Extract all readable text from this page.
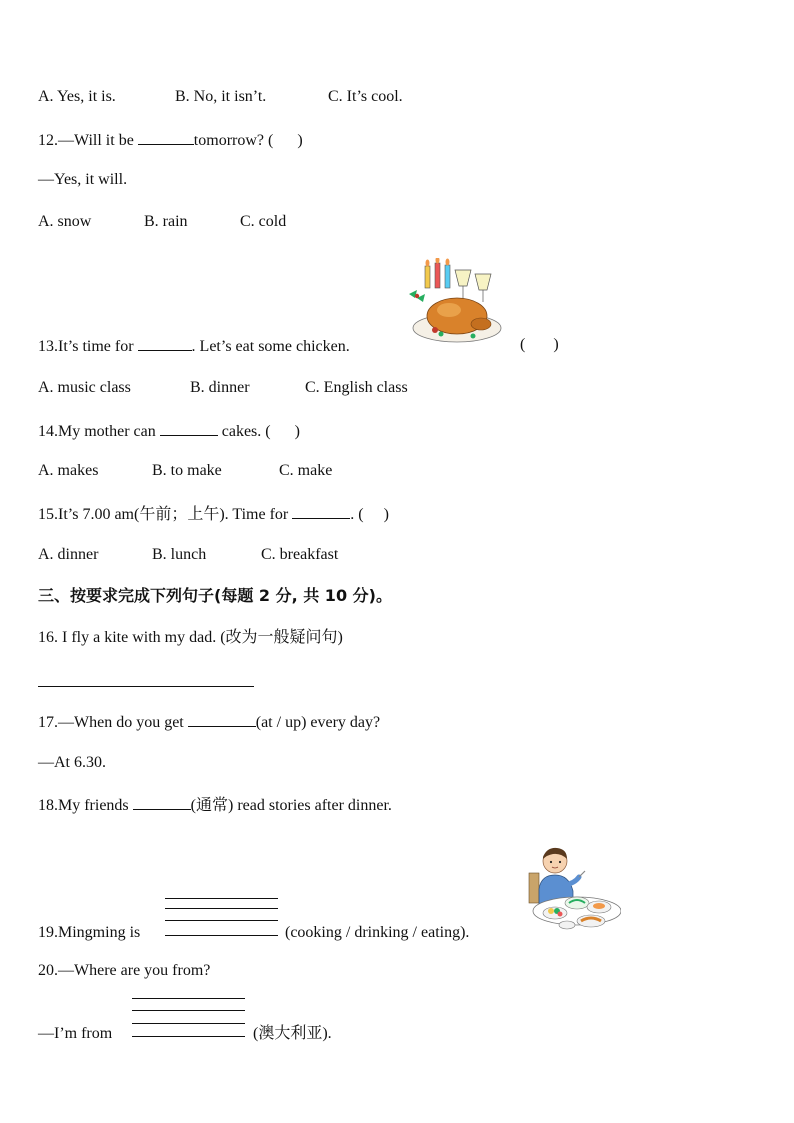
A. Yes, it is.	B. No, it isn’t.	C. It’s cool.
12.—Will it be	tomorrow? ( )
—Yes, it will.
A. snow	B. rain	C. cold
13.It’s time for	. Let’s eat some chicken.	( )
A. music class	B. dinner	C. English class
14.My mother can	cakes. ( )
A. makes	B. to make	C. make
15.It’s 7.00 am(午前；上午). Time for	. ( )
A. dinner	B. lunch	C. breakfast
三、按要求完成下列句子(每题 2 分, 共 10 分)。
16. I fly a kite with my dad. (改为一般疑问句)
17.—When do you get	(at / up) every day?
—At 6.30.
18.My friends	(通常) read stories after dinner.
19.Mingming is	(cooking / drinking / eating).
20.—Where are you from?
—I’m from	(澳大利亚).
